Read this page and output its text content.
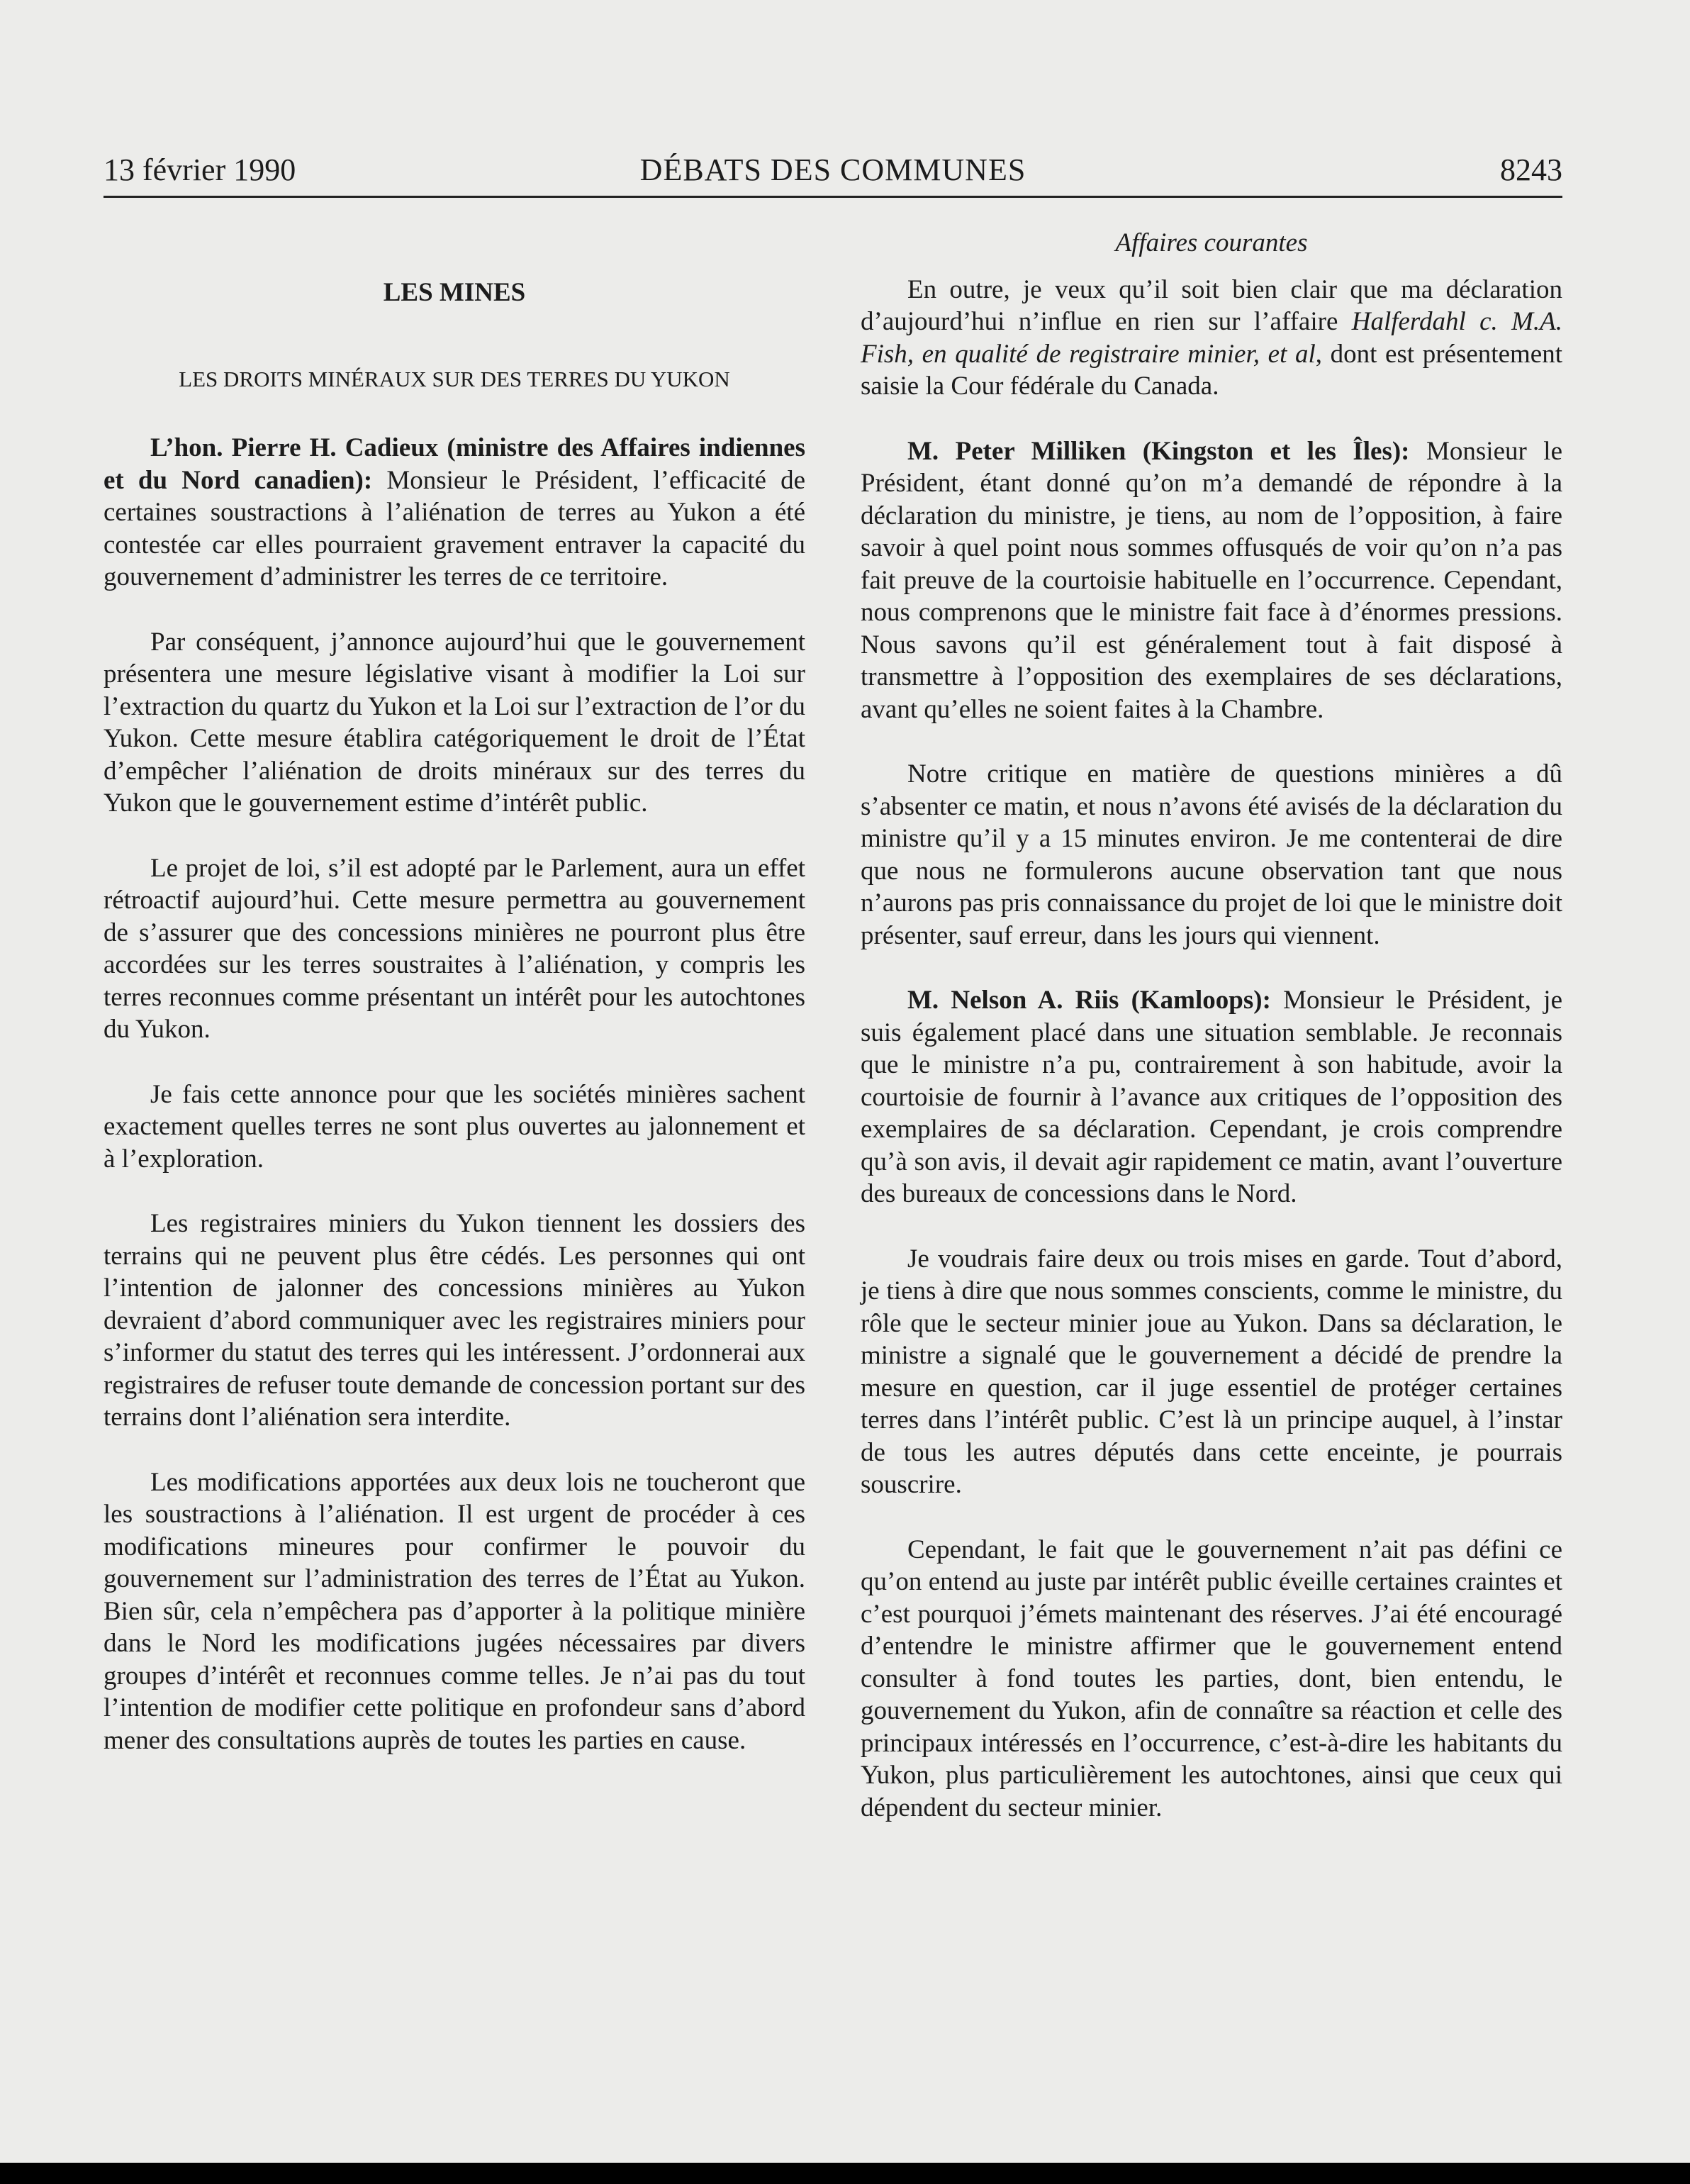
13 février 1990	DÉBATS DES COMMUNES	8243

LES MINES

LES DROITS MINÉRAUX SUR DES TERRES DU YUKON

L’hon. Pierre H. Cadieux (ministre des Affaires indiennes et du Nord canadien): Monsieur le Président, l’efficacité de certaines soustractions à l’aliénation de terres au Yukon a été contestée car elles pourraient gravement entraver la capacité du gouvernement d’administrer les terres de ce territoire.

Par conséquent, j’annonce aujourd’hui que le gouvernement présentera une mesure législative visant à modifier la Loi sur l’extraction du quartz du Yukon et la Loi sur l’extraction de l’or du Yukon. Cette mesure établira catégoriquement le droit de l’État d’empêcher l’aliénation de droits minéraux sur des terres du Yukon que le gouvernement estime d’intérêt public.

Le projet de loi, s’il est adopté par le Parlement, aura un effet rétroactif aujourd’hui. Cette mesure permettra au gouvernement de s’assurer que des concessions minières ne pourront plus être accordées sur les terres soustraites à l’aliénation, y compris les terres reconnues comme présentant un intérêt pour les autochtones du Yukon.

Je fais cette annonce pour que les sociétés minières sachent exactement quelles terres ne sont plus ouvertes au jalonnement et à l’exploration.

Les registraires miniers du Yukon tiennent les dossiers des terrains qui ne peuvent plus être cédés. Les personnes qui ont l’intention de jalonner des concessions minières au Yukon devraient d’abord communiquer avec les registraires miniers pour s’informer du statut des terres qui les intéressent. J’ordonnerai aux registraires de refuser toute demande de concession portant sur des terrains dont l’aliénation sera interdite.

Les modifications apportées aux deux lois ne toucheront que les soustractions à l’aliénation. Il est urgent de procéder à ces modifications mineures pour confirmer le pouvoir du gouvernement sur l’administration des terres de l’État au Yukon. Bien sûr, cela n’empêchera pas d’apporter à la politique minière dans le Nord les modifications jugées nécessaires par divers groupes d’intérêt et reconnues comme telles. Je n’ai pas du tout l’intention de modifier cette politique en profondeur sans d’abord mener des consultations auprès de toutes les parties en cause.

Affaires courantes

En outre, je veux qu’il soit bien clair que ma déclaration d’aujourd’hui n’influe en rien sur l’affaire Halferdahl c. M.A. Fish, en qualité de registraire minier, et al, dont est présentement saisie la Cour fédérale du Canada.

M. Peter Milliken (Kingston et les Îles): Monsieur le Président, étant donné qu’on m’a demandé de répondre à la déclaration du ministre, je tiens, au nom de l’opposition, à faire savoir à quel point nous sommes offusqués de voir qu’on n’a pas fait preuve de la courtoisie habituelle en l’occurrence. Cependant, nous comprenons que le ministre fait face à d’énormes pressions. Nous savons qu’il est généralement tout à fait disposé à transmettre à l’opposition des exemplaires de ses déclarations, avant qu’elles ne soient faites à la Chambre.

Notre critique en matière de questions minières a dû s’absenter ce matin, et nous n’avons été avisés de la déclaration du ministre qu’il y a 15 minutes environ. Je me contenterai de dire que nous ne formulerons aucune observation tant que nous n’aurons pas pris connaissance du projet de loi que le ministre doit présenter, sauf erreur, dans les jours qui viennent.

M. Nelson A. Riis (Kamloops): Monsieur le Président, je suis également placé dans une situation semblable. Je reconnais que le ministre n’a pu, contrairement à son habitude, avoir la courtoisie de fournir à l’avance aux critiques de l’opposition des exemplaires de sa déclaration. Cependant, je crois comprendre qu’à son avis, il devait agir rapidement ce matin, avant l’ouverture des bureaux de concessions dans le Nord.

Je voudrais faire deux ou trois mises en garde. Tout d’abord, je tiens à dire que nous sommes conscients, comme le ministre, du rôle que le secteur minier joue au Yukon. Dans sa déclaration, le ministre a signalé que le gouvernement a décidé de prendre la mesure en question, car il juge essentiel de protéger certaines terres dans l’intérêt public. C’est là un principe auquel, à l’instar de tous les autres députés dans cette enceinte, je pourrais souscrire.

Cependant, le fait que le gouvernement n’ait pas défini ce qu’on entend au juste par intérêt public éveille certaines craintes et c’est pourquoi j’émets maintenant des réserves. J’ai été encouragé d’entendre le ministre affirmer que le gouvernement entend consulter à fond toutes les parties, dont, bien entendu, le gouvernement du Yukon, afin de connaître sa réaction et celle des principaux intéressés en l’occurrence, c’est-à-dire les habitants du Yukon, plus particulièrement les autochtones, ainsi que ceux qui dépendent du secteur minier.
